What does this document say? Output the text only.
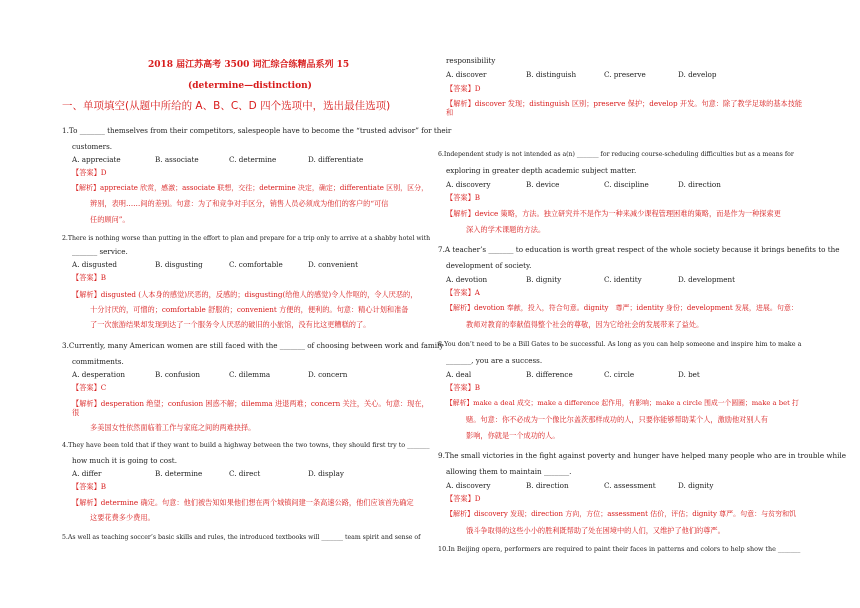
2018 届江苏高考 3500 词汇综合练精品系列 15
(determine—distinction)
一、单项填空(从题中所给的 A、B、C、D 四个选项中，选出最佳选项)
1.To _______ themselves from their competitors, salespeople have to become the “trusted advisor” for their
customers.
A. appreciate	B. associate	C. determine	D. differentiate
【答案】D
【解析】appreciate 欣赏，感激；associate 联想，交往；determine 决定，确定；differentiate 区别，区分，
辨别，表明……间的差别。句意：为了和竞争对手区分，销售人员必须成为他们的客户的“可信
任的顾问”。
2.There is nothing worse than putting in the effort to plan and prepare for a trip only to arrive at a shabby hotel with
_______ service.
A. disgusted	B. disgusting	C. comfortable	D. convenient
【答案】B
【解析】disgusted (人本身的感觉)厌恶的，反感的；disgusting(给他人的感觉)令人作呕的，令人厌恶的，
十分讨厌的，可憎的；comfortable 舒服的；convenient 方便的，便利的。句意：精心计划和准备
了一次旅游结果却发现到达了一个服务令人厌恶的破旧的小旅馆，没有比这更糟糕的了。
3.Currently, many American women are still faced with the _______ of choosing between work and family
commitments.
A. desperation	B. confusion	C. dilemma	D. concern
【答案】C
【解析】desperation 绝望；confusion 困惑不解；dilemma 进退两难；concern 关注，关心。句意：现在，
很
多美国女性依然面临着工作与家庭之间的两难抉择。
4.They have been told that if they want to build a highway between the two towns, they should first try to _______
how much it is going to cost.
A. differ	B. determine	C. direct	D. display
【答案】B
【解析】determine 确定。句意：他们被告知如果他们想在两个城镇间建一条高速公路，他们应该首先确定
这要花费多少费用。
5.As well as teaching soccer’s basic skills and rules, the introduced textbooks will _______ team spirit and sense of
responsibility
A. discover	B. distinguish	C. preserve	D. develop
【答案】D
【解析】discover 发现；distinguish 区别；preserve 保护；develop 开发。句意：除了教学足球的基本技能
和
6.Independent study is not intended as a(n) _______ for reducing course-scheduling difficulties but as a means for
exploring in greater depth academic subject matter.
A. discovery	B. device	C. discipline	D. direction
【答案】B
【解析】device 策略，方法。独立研究并不是作为一种来减少课程管理困难的策略，而是作为一种探索更
深入的学术课题的方法。
7.A teacher’s _______ to education is worth great respect of the whole society because it brings benefits to the
development of society.
A. devotion	B. dignity	C. identity	D. development
【答案】A
【解析】devotion 奉献，投入，符合句意。dignity　尊严；identity 身份；development 发展，进展。句意：
教师对教育的奉献值得整个社会的尊敬，因为它给社会的发展带来了益处。
8.You don’t need to be a Bill Gates to be successful. As long as you can help someone and inspire him to make a
_______, you are a success.
A. deal	B. difference	C. circle	D. bet
【答案】B
【解析】make a deal 成交；make a difference 起作用，有影响；make a circle 围成一个圆圈；make a bet 打
赌。句意：你不必成为一个像比尔盖茨那样成功的人，只要你能够帮助某个人，激励他对别人有
影响，你就是一个成功的人。
9.The small victories in the fight against poverty and hunger have helped many people who are in trouble while
allowing them to maintain _______.
A. discovery	B. direction	C. assessment	D. dignity
【答案】D
【解析】discovery 发现；direction 方向，方位；assessment 估价，评估；dignity 尊严。句意：与贫穷和饥
饿斗争取得的这些小小的胜利既帮助了处在困境中的人们，又维护了他们的尊严。
10.In Beijing opera, performers are required to paint their faces in patterns and colors to help show the _______
